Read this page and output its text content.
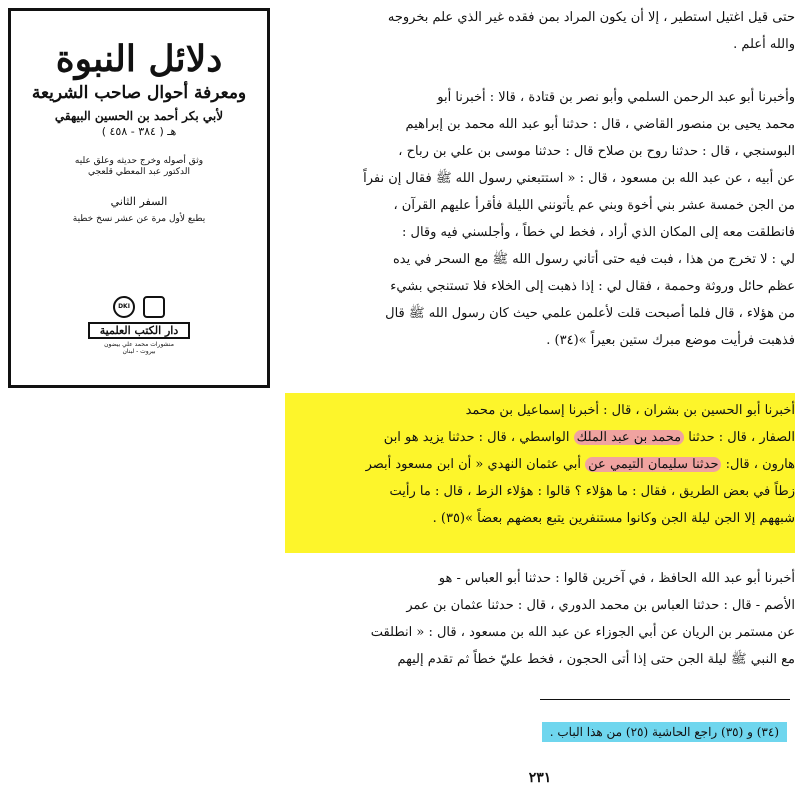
دلائل النبوة
ومعرفة أحوال صاحب الشريعة
لأبي بكر أحمد بن الحسين البيهقي
( ٣٨٤ - ٤٥٨ ) هـ
وثق أصوله وخرج حديثه وعلق عليه
الدكتور عبد المعطي قلعجي
السفر الثاني
يطبع لأول مرة عن عشر نسخ خطية
DKI
دار الكتب العلمية
منشورات محمد علي بيضون
بيروت - لبنان
حتى قيل اغتيل استطير ، إلا أن يكون المراد بمن فقده غير الذي علم بخروجه
والله أعلم .
وأخبرنا أبو عبد الرحمن السلمي وأبو نصر بن قتادة ، قالا : أخبرنا أبو
محمد يحيى بن منصور القاضي ، قال : حدثنا أبو عبد الله محمد بن إبراهيم
البوسنجي ، قال : حدثنا روح بن صلاح قال : حدثنا موسى بن علي بن رباح ،
عن أبيه ، عن عبد الله بن مسعود ، قال : « استتبعني رسول الله ﷺ فقال إن نفراً
من الجن خمسة عشر بني أخوة وبني عم يأتونني الليلة فأقرأ عليهم القرآن ،
فانطلقت معه إلى المكان الذي أراد ، فخط لي خطاً ، وأجلسني فيه وقال :
لي : لا تخرج من هذا ، فبت فيه حتى أتاني رسول الله ﷺ مع السحر في يده
عظم حائل وروثة وحممة ، فقال لي : إذا ذهبت إلى الخلاء فلا تستنجي بشيء
من هؤلاء ، قال فلما أصبحت قلت لأعلمن علمي حيث كان رسول الله ﷺ قال
فذهبت فرأيت موضع مبرك ستين بعيراً »(٣٤) .
أخبرنا أبو الحسين بن بشران ، قال : أخبرنا إسماعيل بن محمد
الصفار ، قال : حدثنا محمد بن عبد الملك الواسطي ، قال : حدثنا يزيد هو ابن
هارون ، قال: حدثنا سليمان التيمي عن أبي عثمان النهدي « أن ابن مسعود أبصر
زطاً في بعض الطريق ، فقال : ما هؤلاء ؟ قالوا : هؤلاء الزط ، قال : ما رأيت
شبههم إلا الجن ليلة الجن وكانوا مستنفرين يتبع بعضهم بعضاً »(٣٥) .
أخبرنا أبو عبد الله الحافظ ، في آخرين قالوا : حدثنا أبو العباس - هو
الأصم - قال : حدثنا العباس بن محمد الدوري ، قال : حدثنا عثمان بن عمر
عن مستمر بن الريان عن أبي الجوزاء عن عبد الله بن مسعود ، قال : « انطلقت
مع النبي ﷺ ليلة الجن حتى إذا أتى الحجون ، فخط عليّ خطاً ثم تقدم إليهم
(٣٤) و (٣٥) راجع الحاشية (٢٥) من هذا الباب .
٢٣١
